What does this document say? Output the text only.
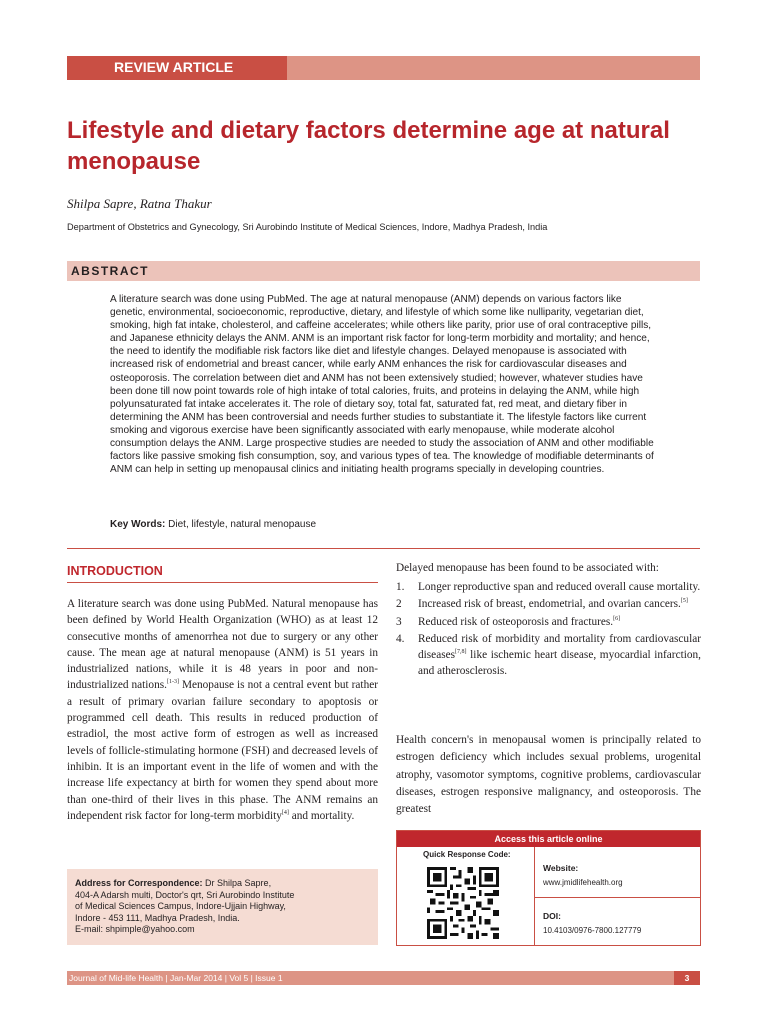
REVIEW ARTICLE
Lifestyle and dietary factors determine age at natural menopause
Shilpa Sapre, Ratna Thakur
Department of Obstetrics and Gynecology, Sri Aurobindo Institute of Medical Sciences, Indore, Madhya Pradesh, India
ABSTRACT

A literature search was done using PubMed. The age at natural menopause (ANM) depends on various factors like genetic, environmental, socioeconomic, reproductive, dietary, and lifestyle of which some like nulliparity, vegetarian diet, smoking, high fat intake, cholesterol, and caffeine accelerates; while others like parity, prior use of oral contraceptive pills, and Japanese ethnicity delays the ANM. ANM is an important risk factor for long-term morbidity and mortality; and hence, the need to identify the modifiable risk factors like diet and lifestyle changes. Delayed menopause is associated with increased risk of endometrial and breast cancer, while early ANM enhances the risk for cardiovascular diseases and osteoporosis. The correlation between diet and ANM has not been extensively studied; however, whatever studies have been done till now point towards role of high intake of total calories, fruits, and proteins in delaying the ANM, while high polyunsaturated fat intake accelerates it. The role of dietary soy, total fat, saturated fat, red meat, and dietary fiber in determining the ANM has been controversial and needs further studies to substantiate it. The lifestyle factors like current smoking and vigorous exercise have been significantly associated with early menopause, while moderate alcohol consumption delays the ANM. Large prospective studies are needed to study the association of ANM and other modifiable factors like passive smoking fish consumption, soy, and various types of tea. The knowledge of modifiable determinants of ANM can help in setting up menopausal clinics and initiating health programs specially in developing countries.

Key Words: Diet, lifestyle, natural menopause
INTRODUCTION

A literature search was done using PubMed. Natural menopause has been defined by World Health Organization (WHO) as at least 12 consecutive months of amenorrhea not due to surgery or any other cause. The mean age at natural menopause (ANM) is 51 years in industrialized nations, while it is 48 years in poor and non-industrialized nations.[1-3] Menopause is not a central event but rather a result of primary ovarian failure secondary to apoptosis or programmed cell death. This results in reduced production of estradiol, the most active form of estrogen as well as increased levels of follicle-stimulating hormone (FSH) and decreased levels of inhibin. It is an important event in the life of women and with the increase life expectancy at birth for women they spend about more than one-third of their lives in this phase. The ANM remains an independent risk factor for long-term morbidity[4] and mortality.

Delayed menopause has been found to be associated with:

1. Longer reproductive span and reduced overall cause mortality.
2 Increased risk of breast, endometrial, and ovarian cancers.[5]
3 Reduced risk of osteoporosis and fractures.[6]
4. Reduced risk of morbidity and mortality from cardiovascular diseases[7,8] like ischemic heart disease, myocardial infarction, and atherosclerosis.

Health concern's in menopausal women is principally related to estrogen deficiency which includes sexual problems, urogenital atrophy, vasomotor symptoms, cognitive problems, cardiovascular diseases, estrogen responsive malignancy, and osteoporosis. The greatest

Address for Correspondence: Dr Shilpa Sapre,
404-A Adarsh multi, Doctor's qrt, Sri Aurobindo Institute
of Medical Sciences Campus, Indore-Ujjain Highway,
Indore - 453 111, Madhya Pradesh, India.
E-mail: shpimple@yahoo.com
Access this article online
Quick Response Code:
Website:
www.jmidlifehealth.org
DOI:
10.4103/0976-7800.127779
Journal of Mid-life Health | Jan-Mar 2014 | Vol 5 | Issue 1	3
